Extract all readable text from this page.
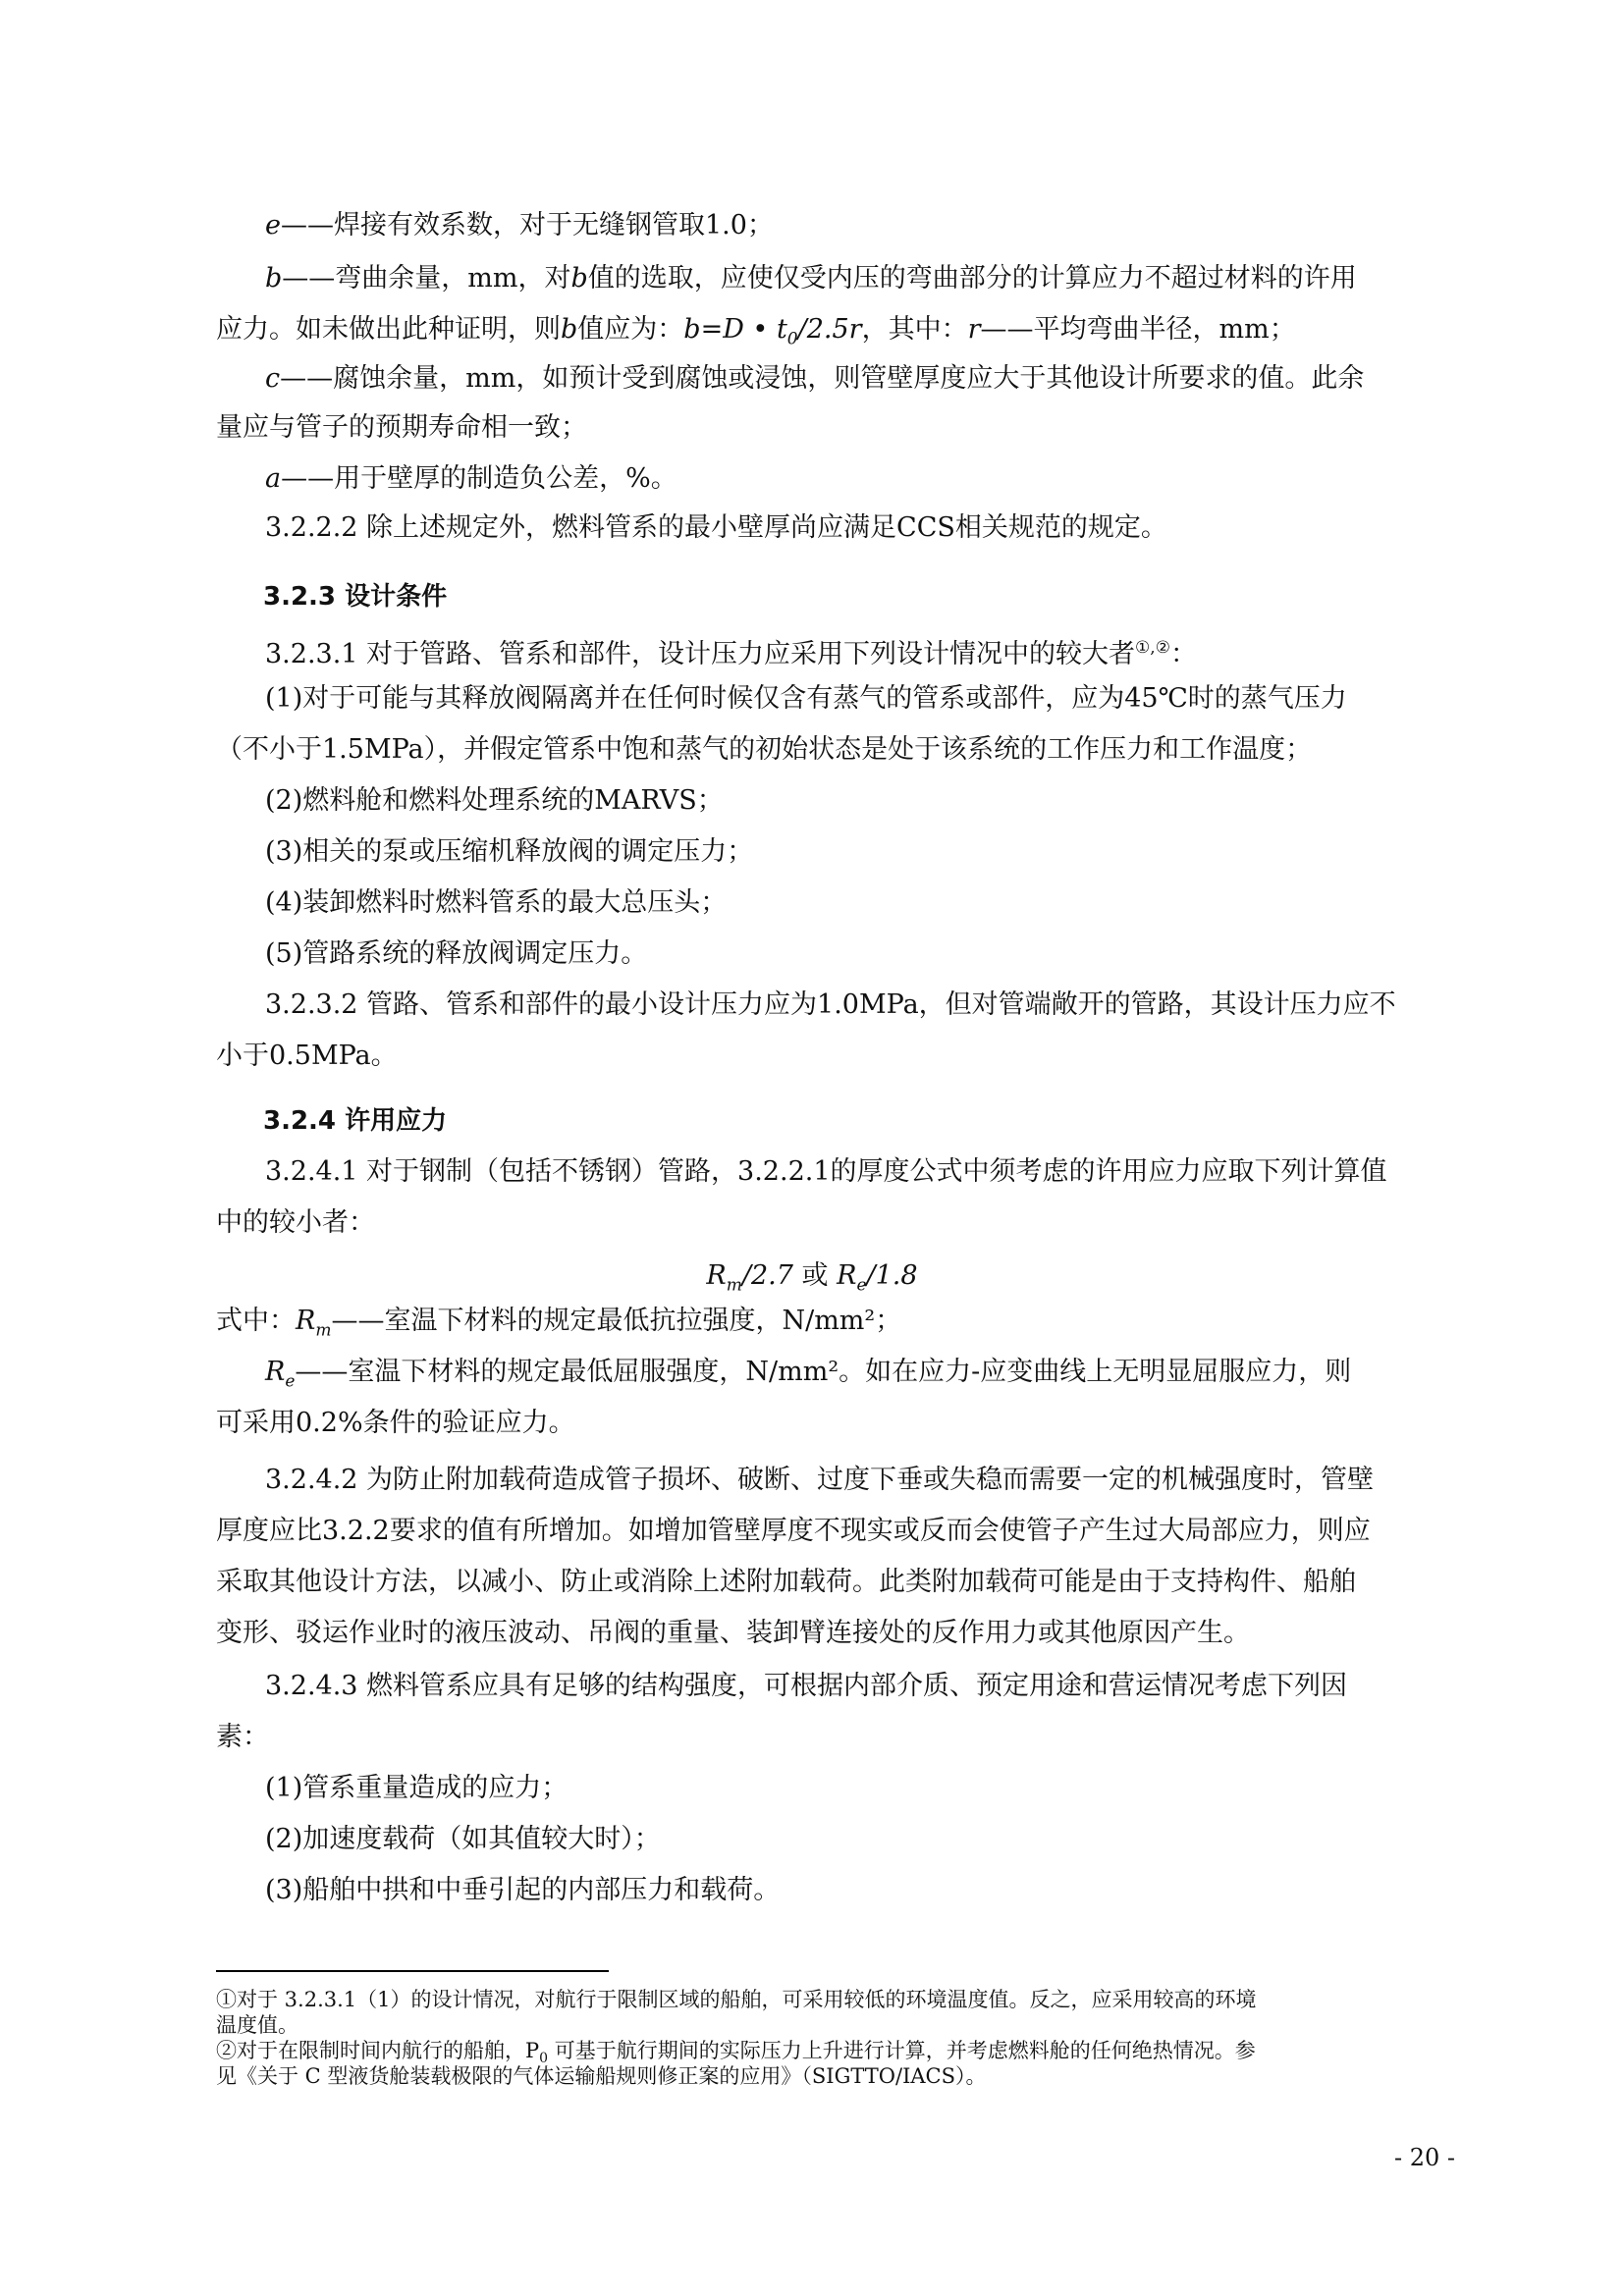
e——焊接有效系数，对于无缝钢管取1.0；
b——弯曲余量，mm，对b值的选取，应使仅受内压的弯曲部分的计算应力不超过材料的许用
应力。如未做出此种证明，则b值应为：b=D • $t_0/2.5r$，其中：r——平均弯曲半径，mm；
c——腐蚀余量，mm，如预计受到腐蚀或浸蚀，则管壁厚度应大于其他设计所要求的值。此余
量应与管子的预期寿命相一致；
a——用于壁厚的制造负公差，%。
3.2.2.2 除上述规定外，燃料管系的最小壁厚尚应满足CCS相关规范的规定。
3.2.3 设计条件
3.2.3.1 对于管路、管系和部件，设计压力应采用下列设计情况中的较大者①,②：
(1)对于可能与其释放阀隔离并在任何时候仅含有蒸气的管系或部件，应为45℃时的蒸气压力
（不小于1.5MPa），并假定管系中饱和蒸气的初始状态是处于该系统的工作压力和工作温度；
(2)燃料舱和燃料处理系统的MARVS；
(3)相关的泵或压缩机释放阀的调定压力；
(4)装卸燃料时燃料管系的最大总压头；
(5)管路系统的释放阀调定压力。
3.2.3.2 管路、管系和部件的最小设计压力应为1.0MPa，但对管端敞开的管路，其设计压力应不
小于0.5MPa。
3.2.4 许用应力
3.2.4.1 对于钢制（包括不锈钢）管路，3.2.2.1的厚度公式中须考虑的许用应力应取下列计算值
中的较小者：
$R_m/2.7$ 或 $R_e/1.8$
式中：$R_m——$室温下材料的规定最低抗拉强度，N/mm²；
$R_e——$室温下材料的规定最低屈服强度，N/mm²。如在应力-应变曲线上无明显屈服应力，则
可采用0.2%条件的验证应力。
3.2.4.2 为防止附加载荷造成管子损坏、破断、过度下垂或失稳而需要一定的机械强度时，管壁
厚度应比3.2.2要求的值有所增加。如增加管壁厚度不现实或反而会使管子产生过大局部应力，则应
采取其他设计方法，以减小、防止或消除上述附加载荷。此类附加载荷可能是由于支持构件、船舶
变形、驳运作业时的液压波动、吊阀的重量、装卸臂连接处的反作用力或其他原因产生。
3.2.4.3 燃料管系应具有足够的结构强度，可根据内部介质、预定用途和营运情况考虑下列因
素：
(1)管系重量造成的应力；
(2)加速度载荷（如其值较大时）；
(3)船舶中拱和中垂引起的内部压力和载荷。
①对于 3.2.3.1（1）的设计情况，对航行于限制区域的船舶，可采用较低的环境温度值。反之，应采用较高的环境
温度值。
②对于在限制时间内航行的船舶，$P_0$ 可基于航行期间的实际压力上升进行计算，并考虑燃料舱的任何绝热情况。参
见《关于 C 型液货舱装载极限的气体运输船规则修正案的应用》（SIGTTO/IACS）。
- 20 -
